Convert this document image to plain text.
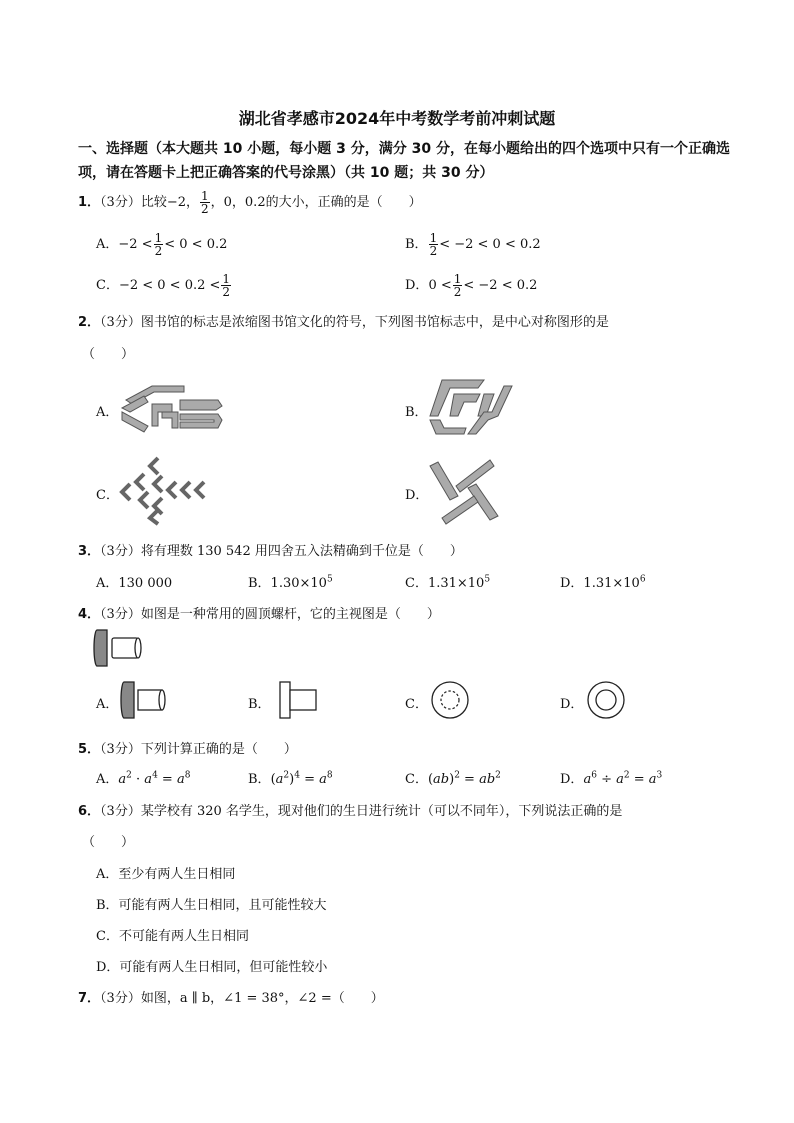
湖北省孝感市2024年中考数学考前冲刺试题
一、选择题（本大题共 10 小题，每小题 3 分，满分 30 分，在每小题给出的四个选项中只有一个正确选项，请在答题卡上把正确答案的代号涂黑）（共 10 题；共 30 分）
1．（3分）比较−2， $\frac{1}{2}$ ，0，0.2的大小，正确的是（　　）
A．$-2 < \frac{1}{2} < 0 < 0.2$	B． $\frac{1}{2} < -2 < 0 < 0.2$
C．$-2 < 0 < 0.2 < \frac{1}{2}$	D．$0 < \frac{1}{2} < -2 < 0.2$
2．（3分）图书馆的标志是浓缩图书馆文化的符号，下列图书馆标志中，是中心对称图形的是
（　　）
A．	B．
C．	D．
3．（3分）将有理数 130 542 用四舍五入法精确到千位是（　　）
A．130 000	B．$1.30\times 10^5$	C．$1.31\times 10^5$	D．$1.31\times 10^6$
4．（3分）如图是一种常用的圆顶螺杆，它的主视图是（　　）
A．	B．	C．	D．
5．（3分）下列计算正确的是（　　）
A．$a^2 \cdot a^4 = a^8$	B．$(a^2)^4 = a^8$	C．$(ab)^2 = ab^2$	D．$a^6 \div a^2 = a^3$
6．（3分）某学校有 320 名学生，现对他们的生日进行统计（可以不同年），下列说法正确的是
（　　）
A．至少有两人生日相同
B．可能有两人生日相同，且可能性较大
C．不可能有两人生日相同
D．可能有两人生日相同，但可能性较小
7．（3分）如图，a ∥ b，∠1 = 38°，∠2 =（　　）
